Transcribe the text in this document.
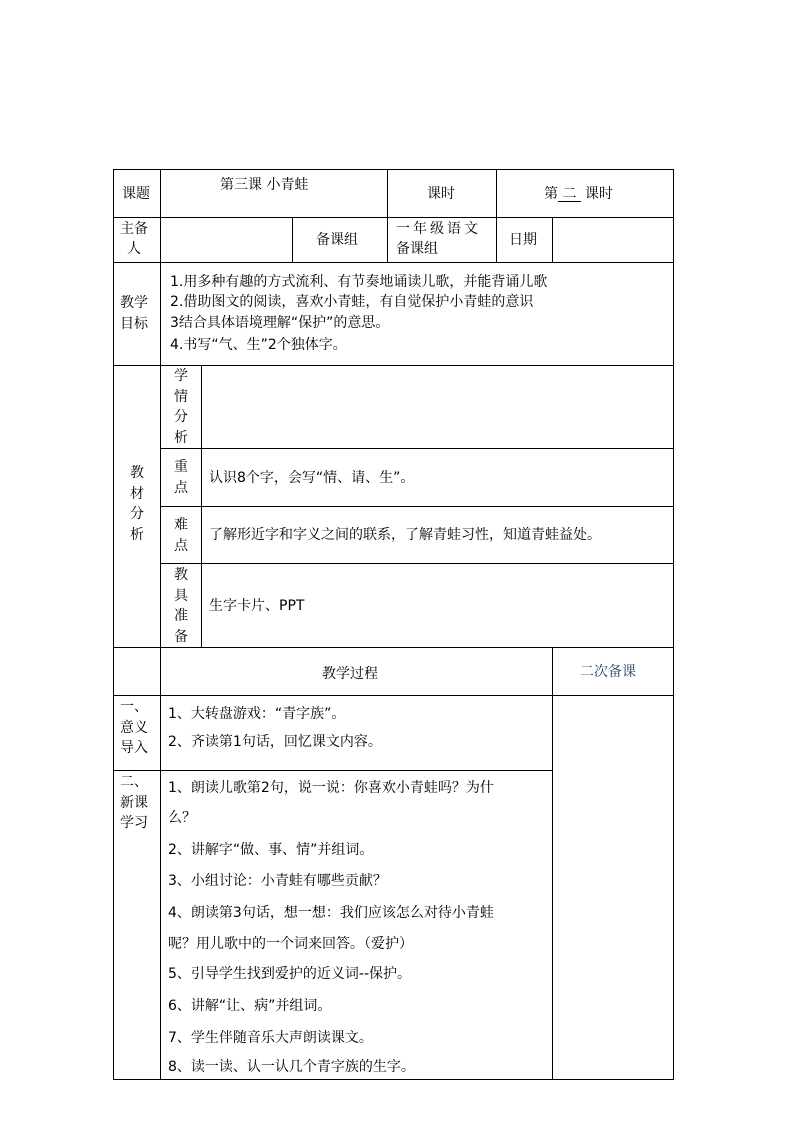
课题
第三课 小青蛙
课时	第 二 课时
主备
人
备课组
一年级语文
备课组
日期
教学
目标
1.用多种有趣的方式流利、有节奏地诵读儿歌，并能背诵儿歌
2.借助图文的阅读，喜欢小青蛙，有自觉保护小青蛙的意识
3结合具体语境理解“保护”的意思。
4.书写“气、生”2个独体字。
教
材
分
析
学
情
分
析
重
点
认识8个字，会写“情、请、生”。
难
点
了解形近字和字义之间的联系，了解青蛙习性，知道青蛙益处。
教
具
准
备
生字卡片、PPT
教学过程	二次备课
一、
意义
导入
1、大转盘游戏：“青字族”。
2、齐读第1句话，回忆课文内容。
二、
新课
学习
1、朗读儿歌第2句，说一说：你喜欢小青蛙吗？为什
么？
2、讲解字“做、事、情”并组词。
3、小组讨论：小青蛙有哪些贡献？
4、朗读第3句话，想一想：我们应该怎么对待小青蛙
呢？用儿歌中的一个词来回答。（爱护）
5、引导学生找到爱护的近义词--保护。
6、讲解“让、病”并组词。
7、学生伴随音乐大声朗读课文。
8、读一读、认一认几个青字族的生字。
